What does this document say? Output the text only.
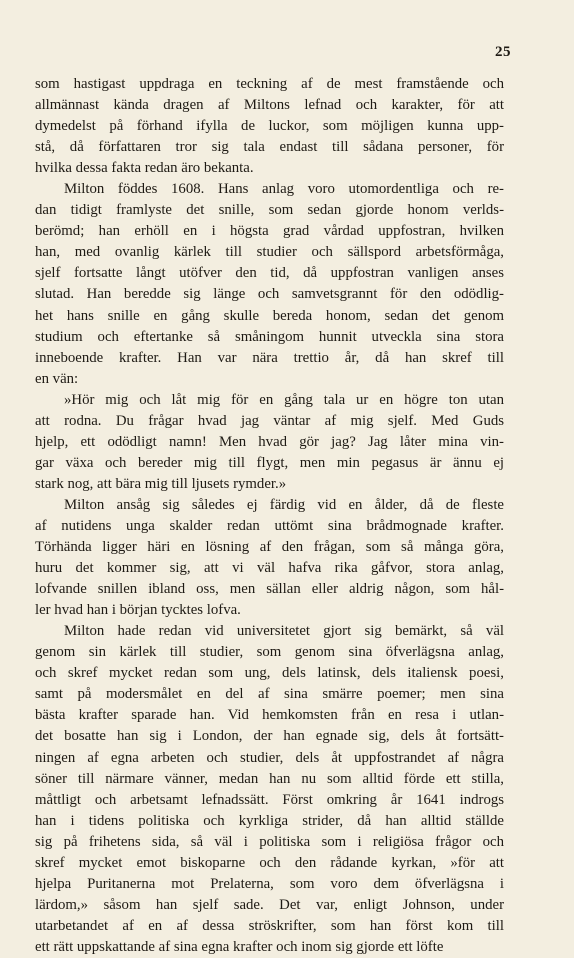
25
som hastigast uppdraga en teckning af de mest framstående och
allmännast kända dragen af Miltons lefnad och karakter, för att
dymedelst på förhand ifylla de luckor, som möjligen kunna upp-
stå, då författaren tror sig tala endast till sådana personer, för
hvilka dessa fakta redan äro bekanta.
Milton föddes 1608. Hans anlag voro utomordentliga och re-
dan tidigt framlyste det snille, som sedan gjorde honom verlds-
berömd; han erhöll en i högsta grad vårdad uppfostran, hvilken
han, med ovanlig kärlek till studier och sällspord arbetsförmåga,
sjelf fortsatte långt utöfver den tid, då uppfostran vanligen anses
slutad. Han beredde sig länge och samvetsgrannt för den odödlig-
het hans snille en gång skulle bereda honom, sedan det genom
studium och eftertanke så småningom hunnit utveckla sina stora
inneboende krafter. Han var nära trettio år, då han skref till
en vän:
»Hör mig och låt mig för en gång tala ur en högre ton utan
att rodna. Du frågar hvad jag väntar af mig sjelf. Med Guds
hjelp, ett odödligt namn! Men hvad gör jag? Jag låter mina vin-
gar växa och bereder mig till flygt, men min pegasus är ännu ej
stark nog, att bära mig till ljusets rymder.»
Milton ansåg sig således ej färdig vid en ålder, då de fleste
af nutidens unga skalder redan uttömt sina brådmognade krafter.
Törhända ligger häri en lösning af den frågan, som så många göra,
huru det kommer sig, att vi väl hafva rika gåfvor, stora anlag,
lofvande snillen ibland oss, men sällan eller aldrig någon, som hål-
ler hvad han i början tycktes lofva.
Milton hade redan vid universitetet gjort sig bemärkt, så väl
genom sin kärlek till studier, som genom sina öfverlägsna anlag,
och skref mycket redan som ung, dels latinsk, dels italiensk poesi,
samt på modersmålet en del af sina smärre poemer; men sina
bästa krafter sparade han. Vid hemkomsten från en resa i utlan-
det bosatte han sig i London, der han egnade sig, dels åt fortsätt-
ningen af egna arbeten och studier, dels åt uppfostrandet af några
söner till närmare vänner, medan han nu som alltid förde ett stilla,
måttligt och arbetsamt lefnadssätt. Först omkring år 1641 indrogs
han i tidens politiska och kyrkliga strider, då han alltid ställde
sig på frihetens sida, så väl i politiska som i religiösa frågor och
skref mycket emot biskoparne och den rådande kyrkan, »för att
hjelpa Puritanerna mot Prelaterna, som voro dem öfverlägsna i
lärdom,» såsom han sjelf sade. Det var, enligt Johnson, under
utarbetandet af en af dessa ströskrifter, som han först kom till
ett rätt uppskattande af sina egna krafter och inom sig gjorde ett löfte
